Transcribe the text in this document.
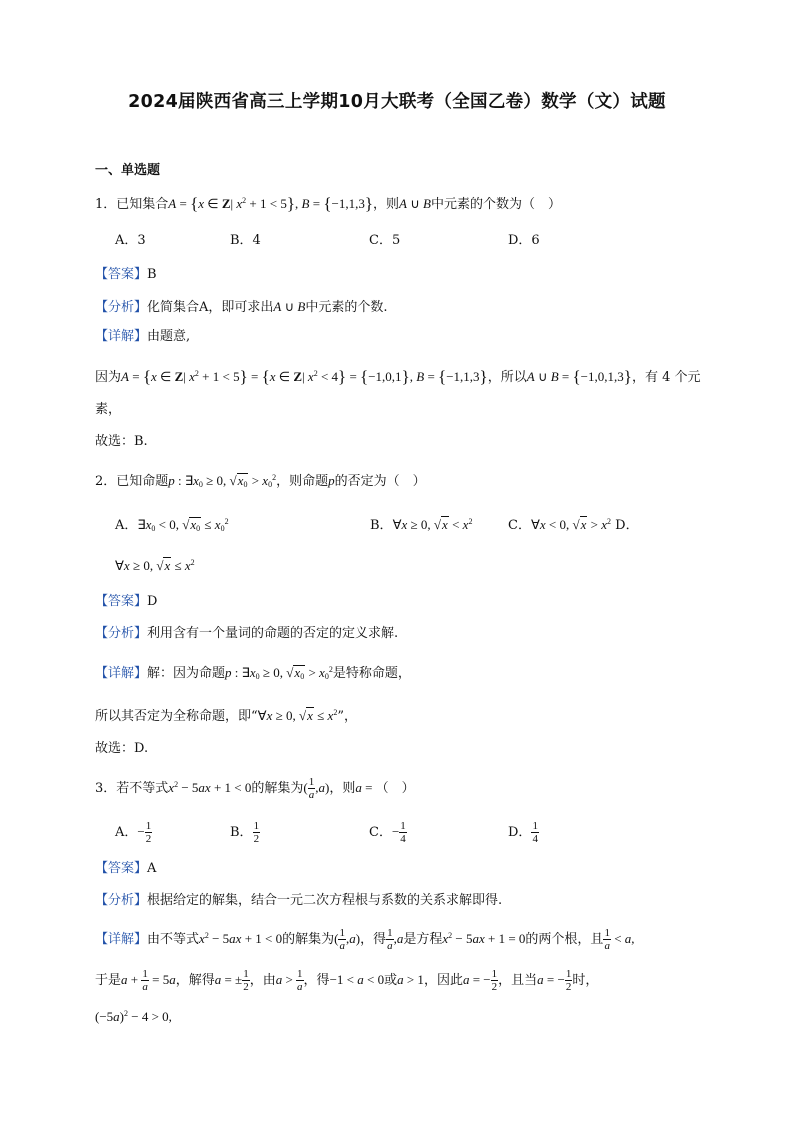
2024届陕西省高三上学期10月大联考（全国乙卷）数学（文）试题
一、单选题
1．已知集合A = {x ∈ Z| $x^2 + 1 < 5$}, B = {−1,1,3}，则A ∪ B中元素的个数为（　）
A．3	B．4	C．5	D．6
【答案】B
【分析】化简集合A，即可求出A ∪ B中元素的个数.
【详解】由题意,
因为A = {x ∈ Z| $x^2 + 1 < 5\} = \{x$ ∈ Z| $x^2 < 4\} = \{-1,0,1\}$, B = {−1,1,3}，所以A ∪ B = {−1,0,1,3}，有 4 个元
素，
故选：B.
2．已知命题p : $\exists x_0 \ge 0$, $√x_0 > x_0^2$，则命题p的否定为（　）
A．$\exists x_0 < 0$, $√x_0 \le x_0^2$	B．∀x ≥ 0, $√x < x^2$	C．∀x < 0, $√x > x^2$ D．
∀x ≥ 0, $√x \le x^2$
【答案】D
【分析】利用含有一个量词的命题的否定的定义求解.
【详解】解：因为命题p : $\exists x_0 \ge 0$, $√x_0 > x_0^2$是特称命题，
所以其否定为全称命题，即“∀x ≥ 0, $√x \le x^2$”，
故选：D.
3．若不等式$x^2 - 5ax + 1 < 0$的解集为( $\frac{1}{a} ,a$)，则a = （　）
A．− $\frac{1}{2}$	B． $\frac{1}{2}$	C．− $\frac{1}{4}$	D． $\frac{1}{4}$
【答案】A
【分析】根据给定的解集，结合一元二次方程根与系数的关系求解即得.
【详解】由不等式$x^2 - 5ax + 1 < 0$的解集为( $\frac{1}{a} ,a$)，得 $\frac{1}{a} ,a$是方程$x^2 - 5ax + 1 = 0$的两个根，且 $\frac{1}{a} < a$,
于是$a + \frac{1}{a} = 5a$，解得a = ± $\frac{1}{2}$ ，由$a > \frac{1}{a}$ ，得−1 < a < 0或a > 1，因此a = − $\frac{1}{2}$ ，且当a = − $\frac{1}{2}$ 时，
$(-5a)^2 - 4 > 0$,
